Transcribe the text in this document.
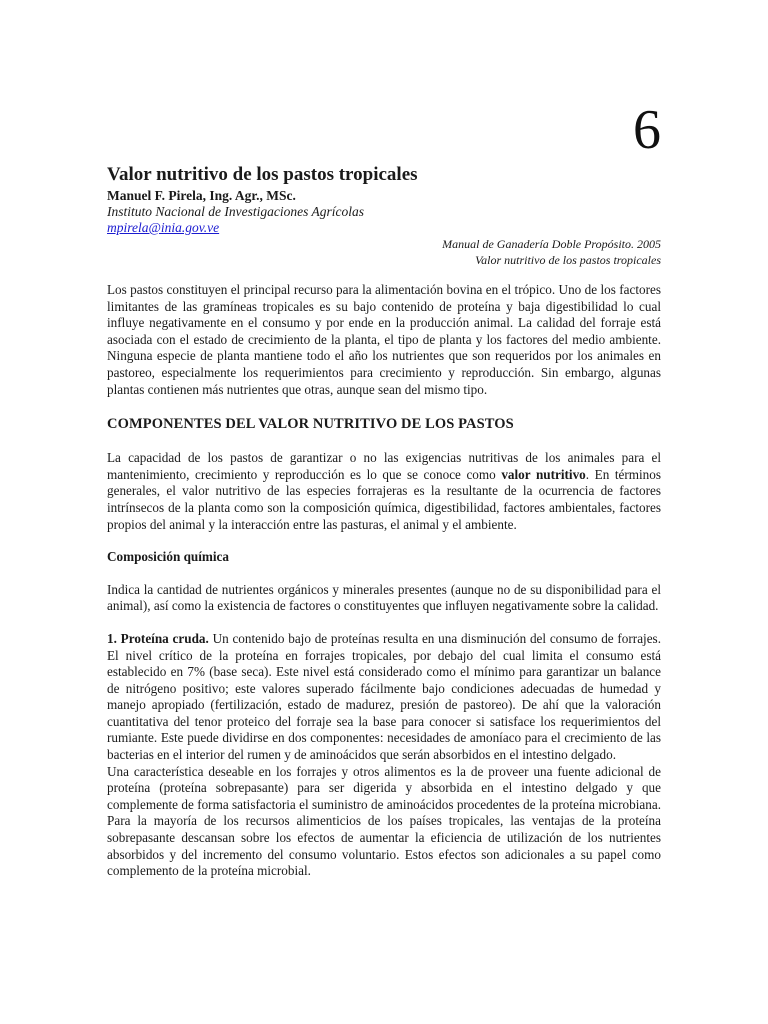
6
Valor nutritivo de los pastos tropicales
Manuel F. Pirela, Ing. Agr., MSc.
Instituto Nacional de Investigaciones Agrícolas
mpirela@inia.gov.ve
Manual de Ganadería Doble Propósito. 2005
Valor nutritivo de los pastos tropicales

Los pastos constituyen el principal recurso para la alimentación bovina en el trópico. Uno de los factores limitantes de las gramíneas tropicales es su bajo contenido de proteína y baja digestibilidad lo cual influye negativamente en el consumo y por ende en la producción animal. La calidad del forraje está asociada con el estado de crecimiento de la planta, el tipo de planta y los factores del medio ambiente. Ninguna especie de planta mantiene todo el año los nutrientes que son requeridos por los animales en pastoreo, especialmente los requerimientos para crecimiento y reproducción. Sin embargo, algunas plantas contienen más nutrientes que otras, aunque sean del mismo tipo.

COMPONENTES DEL VALOR NUTRITIVO DE LOS PASTOS

La capacidad de los pastos de garantizar o no las exigencias nutritivas de los animales para el mantenimiento, crecimiento y reproducción es lo que se conoce como valor nutritivo. En términos generales, el valor nutritivo de las especies forrajeras es la resultante de la ocurrencia de factores intrínsecos de la planta como son la composición química, digestibilidad, factores ambientales, factores propios del animal y la interacción entre las pasturas, el animal y el ambiente.

Composición química

Indica la cantidad de nutrientes orgánicos y minerales presentes (aunque no de su disponibilidad para el animal), así como la existencia de factores o constituyentes que influyen negativamente sobre la calidad.

1. Proteína cruda. Un contenido bajo de proteínas resulta en una disminución del consumo de forrajes. El nivel crítico de la proteína en forrajes tropicales, por debajo del cual limita el consumo está establecido en 7% (base seca). Este nivel está considerado como el mínimo para garantizar un balance de nitrógeno positivo; este valores superado fácilmente bajo condiciones adecuadas de humedad y manejo apropiado (fertilización, estado de madurez, presión de pastoreo). De ahí que la valoración cuantitativa del tenor proteico del forraje sea la base para conocer si satisface los requerimientos del rumiante. Este puede dividirse en dos componentes: necesidades de amoníaco para el crecimiento de las bacterias en el interior del rumen y de aminoácidos que serán absorbidos en el intestino delgado.

Una característica deseable en los forrajes y otros alimentos es la de proveer una fuente adicional de proteína (proteína sobrepasante) para ser digerida y absorbida en el intestino delgado y que complemente de forma satisfactoria el suministro de aminoácidos procedentes de la proteína microbiana. Para la mayoría de los recursos alimenticios de los países tropicales, las ventajas de la proteína sobrepasante descansan sobre los efectos de aumentar la eficiencia de utilización de los nutrientes absorbidos y del incremento del consumo voluntario. Estos efectos son adicionales a su papel como complemento de la proteína microbial.
